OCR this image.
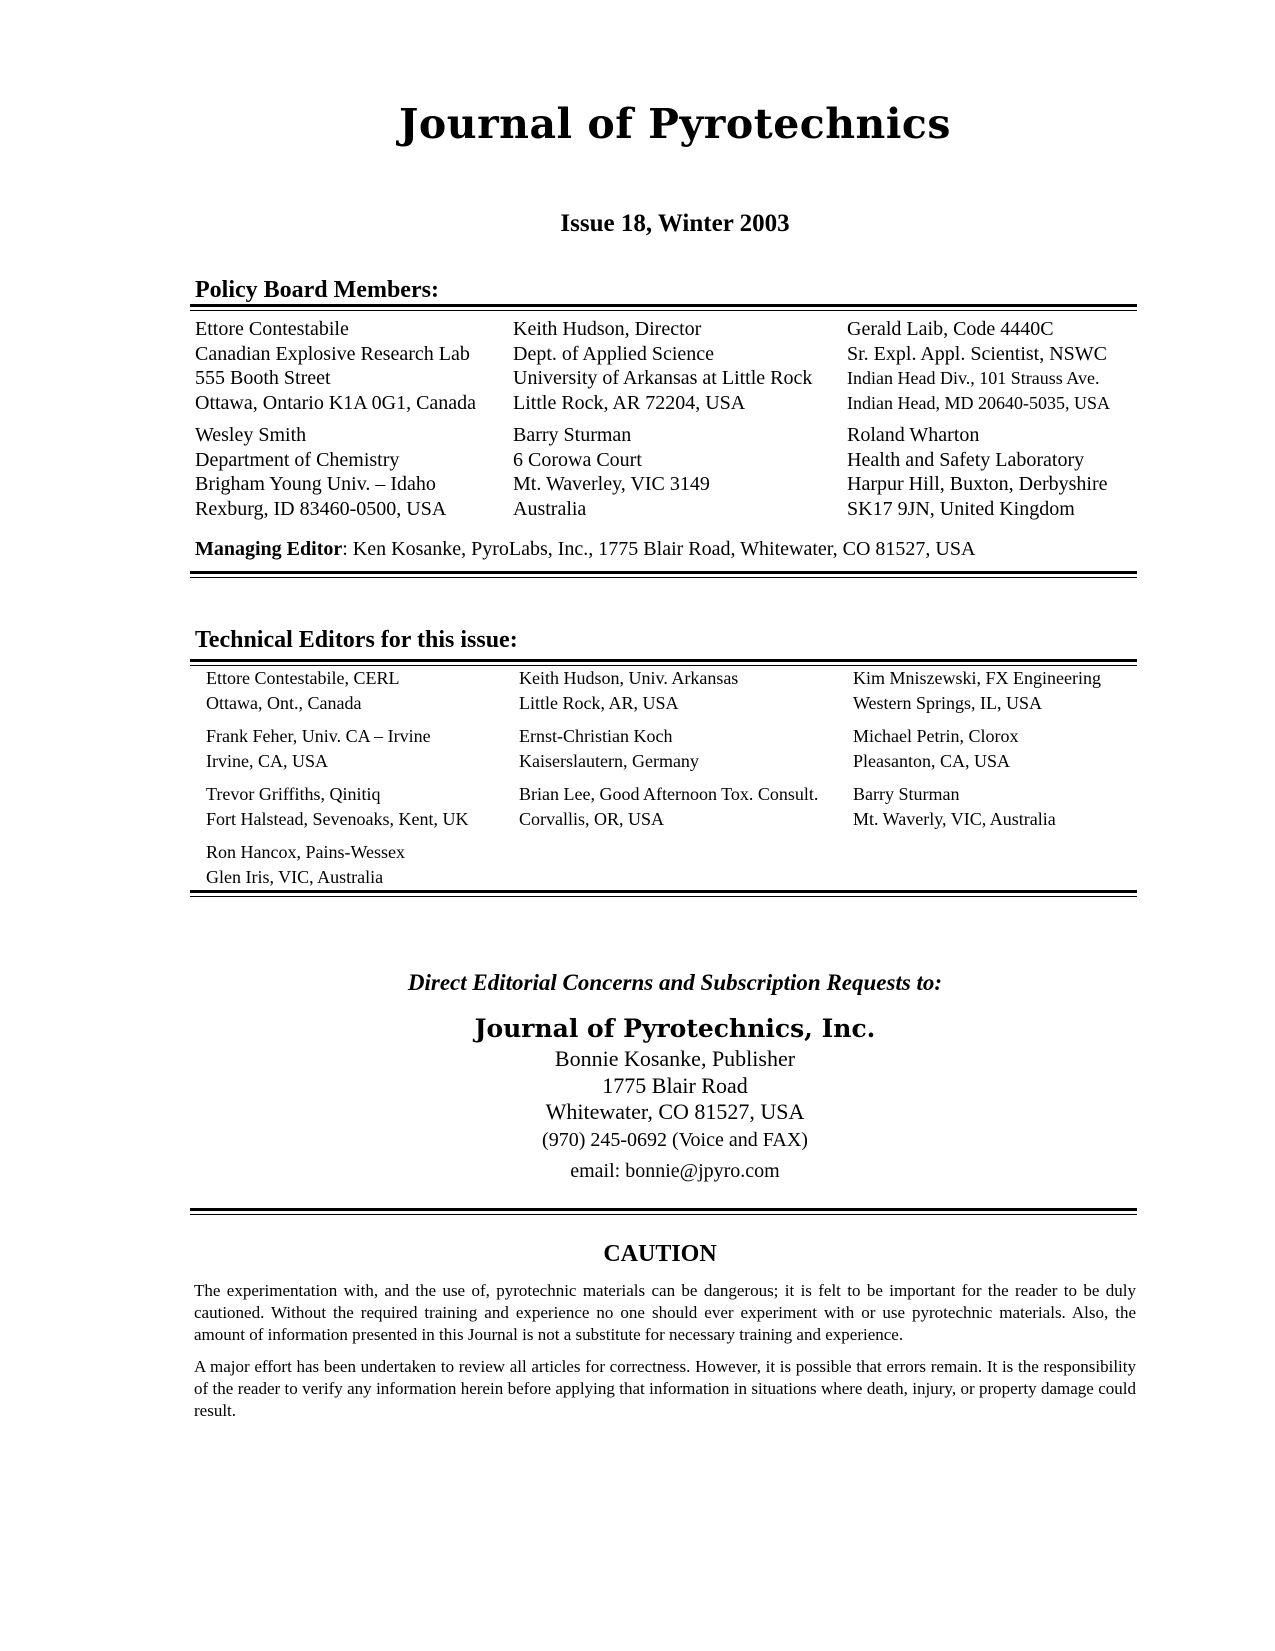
Journal of Pyrotechnics
Issue 18, Winter 2003
Policy Board Members:
Ettore Contestabile
Canadian Explosive Research Lab
555 Booth Street
Ottawa, Ontario K1A 0G1, Canada
Wesley Smith
Department of Chemistry
Brigham Young Univ. – Idaho
Rexburg, ID 83460-0500, USA
Keith Hudson, Director
Dept. of Applied Science
University of Arkansas at Little Rock
Little Rock, AR 72204, USA
Barry Sturman
6 Corowa Court
Mt. Waverley, VIC 3149
Australia
Gerald Laib, Code 4440C
Sr. Expl. Appl. Scientist, NSWC
Indian Head Div., 101 Strauss Ave.
Indian Head, MD 20640-5035, USA
Roland Wharton
Health and Safety Laboratory
Harpur Hill, Buxton, Derbyshire
SK17 9JN, United Kingdom
Managing Editor: Ken Kosanke, PyroLabs, Inc., 1775 Blair Road, Whitewater, CO 81527, USA
Technical Editors for this issue:
Ettore Contestabile, CERL
Ottawa, Ont., Canada
Frank Feher, Univ. CA – Irvine
Irvine, CA, USA
Trevor Griffiths, Qinitiq
Fort Halstead, Sevenoaks, Kent, UK
Ron Hancox, Pains-Wessex
Glen Iris, VIC, Australia
Keith Hudson, Univ. Arkansas
Little Rock, AR, USA
Ernst-Christian Koch
Kaiserslautern, Germany
Brian Lee, Good Afternoon Tox. Consult.
Corvallis, OR, USA
Kim Mniszewski, FX Engineering
Western Springs, IL, USA
Michael Petrin, Clorox
Pleasanton, CA, USA
Barry Sturman
Mt. Waverly, VIC, Australia
Direct Editorial Concerns and Subscription Requests to:
Journal of Pyrotechnics, Inc.
Bonnie Kosanke, Publisher
1775 Blair Road
Whitewater, CO 81527, USA
(970) 245-0692 (Voice and FAX)
email: bonnie@jpyro.com
CAUTION

The experimentation with, and the use of, pyrotechnic materials can be dangerous; it is felt to be important for the reader to be duly cautioned. Without the required training and experience no one should ever experiment with or use pyrotechnic materials. Also, the amount of information presented in this Journal is not a substitute for necessary training and experience.

A major effort has been undertaken to review all articles for correctness. However, it is possible that errors remain. It is the responsibility of the reader to verify any information herein before applying that information in situations where death, injury, or property damage could result.
